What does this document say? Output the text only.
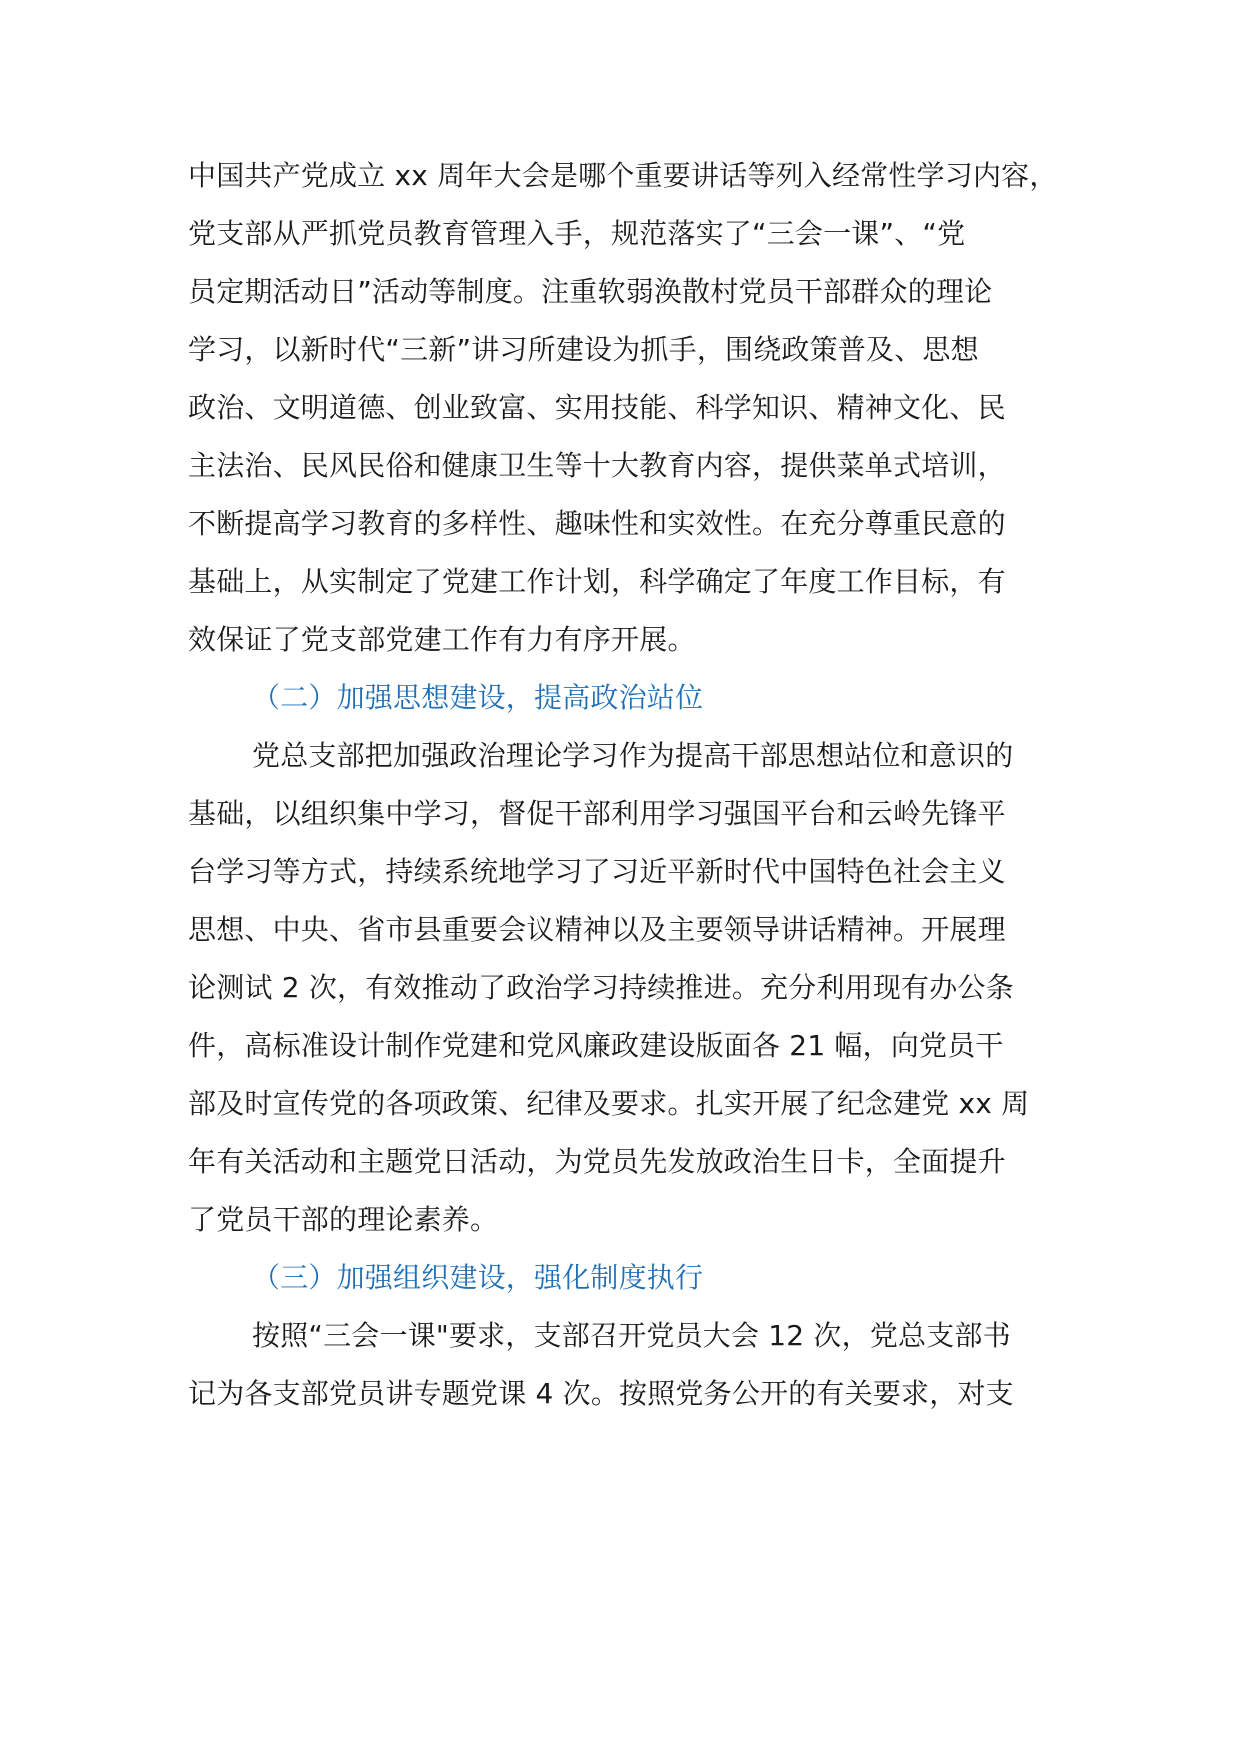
中国共产党成立 xx 周年大会是哪个重要讲话等列入经常性学习内容，
党支部从严抓党员教育管理入手，规范落实了“三会一课”、“党
员定期活动日”活动等制度。注重软弱涣散村党员干部群众的理论
学习，以新时代“三新”讲习所建设为抓手，围绕政策普及、思想
政治、文明道德、创业致富、实用技能、科学知识、精神文化、民
主法治、民风民俗和健康卫生等十大教育内容，提供菜单式培训，
不断提高学习教育的多样性、趣味性和实效性。在充分尊重民意的
基础上，从实制定了党建工作计划，科学确定了年度工作目标，有
效保证了党支部党建工作有力有序开展。
（二）加强思想建设，提高政治站位
党总支部把加强政治理论学习作为提高干部思想站位和意识的
基础，以组织集中学习，督促干部利用学习强国平台和云岭先锋平
台学习等方式，持续系统地学习了习近平新时代中国特色社会主义
思想、中央、省市县重要会议精神以及主要领导讲话精神。开展理
论测试 2 次，有效推动了政治学习持续推进。充分利用现有办公条
件，高标准设计制作党建和党风廉政建设版面各 21 幅，向党员干
部及时宣传党的各项政策、纪律及要求。扎实开展了纪念建党 xx 周
年有关活动和主题党日活动，为党员先发放政治生日卡，全面提升
了党员干部的理论素养。
（三）加强组织建设，强化制度执行
按照“三会一课"要求，支部召开党员大会 12 次，党总支部书
记为各支部党员讲专题党课 4 次。按照党务公开的有关要求，对支
